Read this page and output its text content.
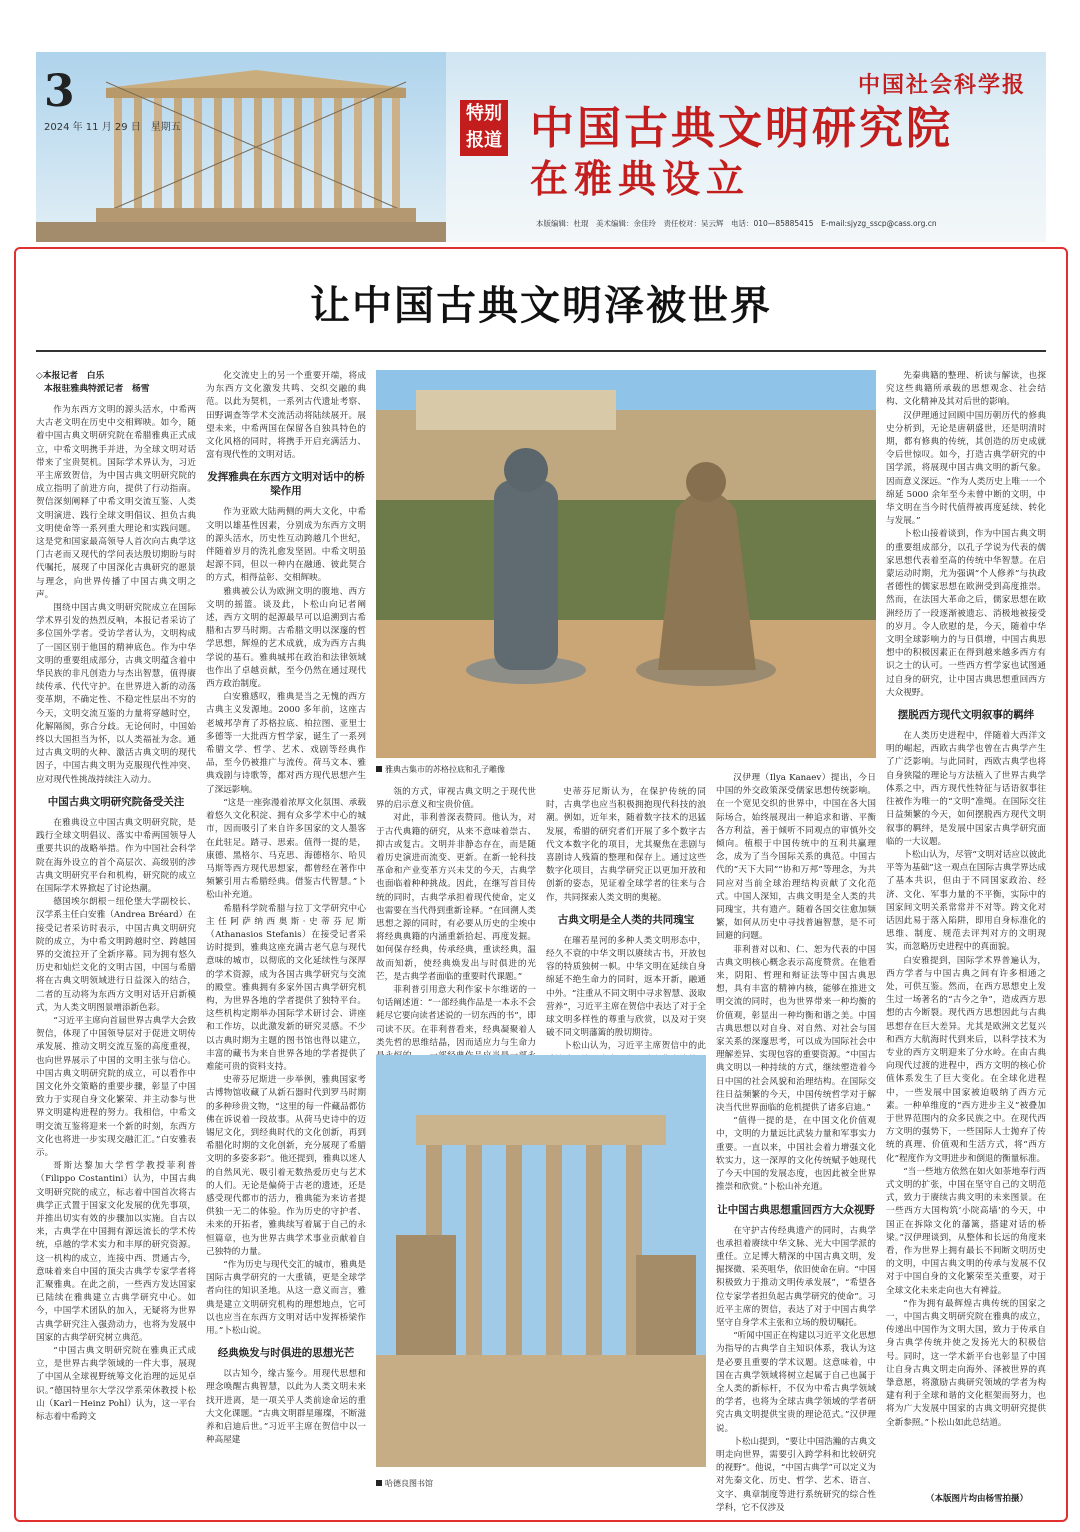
3
2024 年 11 月 29 日　星期五
中国社会科学报
特别
报道 中国古典文明研究院
在雅典设立
本版编辑：杜琨　美术编辑：余佳玲　责任校对：吴云辉　电话：010—85885415　E-mail:sjyzg_sscp@cass.org.cn
让中国古典文明泽被世界
◇本报记者　白乐
本报驻雅典特派记者　杨雪

作为东西方文明的源头活水，中希两大古老文明在历史中交相辉映。如今，随着中国古典文明研究院在希腊雅典正式成立，中希文明携手并进，为全球文明对话带来了宝贵契机。国际学术界认为，习近平主席致贺信，为中国古典文明研究院的成立指明了前进方向，提供了行动指南。贺信深刻阐释了中希文明交流互鉴、人类文明演进、践行全球文明倡议、担负古典文明使命等一系列重大理论和实践问题。这是党和国家最高领导人首次向古典学这门古老而又现代的学问表达殷切期盼与时代嘱托，展现了中国深化古典研究的愿景与理念，向世界传播了中国古典文明之声。

围绕中国古典文明研究院成立在国际学术界引发的热烈反响，本报记者采访了多位国外学者。受访学者认为，文明构成了一国区别于他国的精神底色。作为中华文明的重要组成部分，古典文明蕴含着中华民族的非凡创造力与杰出智慧，值得赓续传承、代代守护。在世界进入新的动荡变革期，不确定性、不稳定性层出不穷的今天，文明交流互鉴的力量将穿越时空，化解隔阂，弥合分歧。无论何时，中国始终以大国担当为怀，以人类福祉为念。通过古典文明的火种、激活古典文明的现代因子，中国古典文明为克服现代性冲突、应对现代性挑战持续注入动力。

中国古典文明研究院备受关注

在雅典设立中国古典文明研究院，是践行全球文明倡议、落实中希两国领导人重要共识的战略举措。作为中国社会科学院在海外设立的首个高层次、高级别的涉古典文明研究平台和机构，研究院的成立在国际学术界掀起了讨论热潮。

德国埃尔朗根－纽伦堡大学副校长、汉学系主任白安雅（Andrea Bréard）在接受记者采访时表示，中国古典文明研究院的成立，为中希文明跨越时空、跨越国界的交流拉开了全新序幕。同为拥有悠久历史和灿烂文化的文明古国，中国与希腊将在古典文明领域进行日益深入的结合，二者的互动将为东西方文明对话开启新模式，为人类文明图景增添新色彩。

“习近平主席向首届世界古典学大会致贺信，体现了中国领导层对于促进文明传承发展、推动文明交流互鉴的高度重视，也向世界展示了中国的文明主张与信心。中国古典文明研究院的成立，可以看作中国文化外交策略的重要步骤，彰显了中国致力于实现自身文化繁荣、并主动参与世界文明建构进程的努力。我相信，中希文明交流互鉴将迎来一个新的时刻，东西方文化也将进一步实现交融汇汇。”白安雅表示。

哥斯达黎加大学哲学教授菲利普（Filippo Costantini）认为，中国古典文明研究院的成立，标志着中国首次将古典学正式置于国家文化发展的优先事项，并推出切实有效的步骤加以实施。自古以来，古典学在中国拥有源远流长的学术传统，卓越的学术实力和丰厚的研究资源。这一机构的成立，连接中西、贯通古今，意味着来自中国的顶尖古典学专家学者将汇聚雅典。在此之前，一些西方发达国家已陆续在雅典建立古典学研究中心。如今，中国学术团队的加入，无疑将为世界古典学研究注入强劲动力，也将为发展中国家的古典学研究树立典范。

“中国古典文明研究院在雅典正式成立，是世界古典学领域的一件大事，展现了中国从全球视野统筹文化治理的远见卓识。”德国特里尔大学汉学系荣休教授卜松山（Karl－Heinz Pohl）认为，这一平台标志着中希跨文

化交流史上的另一个重要开端，将成为东西方文化激发共鸣、交织交融的典范。以此为契机，一系列古代遗址考察、田野调查等学术交流活动将陆续展开。展望未来，中希两国在保留各自独具特色的文化风格的同时，将携手开启充满活力、富有现代性的文明对话。

发挥雅典在东西方文明对话中的桥梁作用

作为亚欧大陆两侧的两大文化，中希文明以雄基性因素，分别成为东西方文明的源头活水，历史性互动跨越几个世纪，伴随着岁月的洗礼愈发坚固。中希文明虽起源不同，但以一种内在融通、彼此契合的方式，相得益彰、交相辉映。

雅典被公认为欧洲文明的腹地、西方文明的摇篮。谈及此，卜松山向记者阐述，西方文明的起源最早可以追溯到古希腊和古罗马时期。古希腊文明以深邃的哲学思想，辉煌的艺术成就，成为西方古典学说的基石。雅典城邦在政治和法律领域也作出了卓越贡献，至今仍然在通过现代西方政治制度。

白安雅感叹，雅典是当之无愧的西方古典主义发源地。2000 多年前，这座古老城邦孕育了苏格拉底、柏拉图、亚里士多德等一大批西方哲学家，诞生了一系列希腊文学、哲学、艺术、戏剧等经典作品，至今仍被推广与流传。荷马文本、雅典戏剧与诗歌等，都对西方现代思想产生了深远影响。

“这是一座弥漫着浓厚文化氛围、承载着悠久文化积淀、拥有众多学术中心的城市，因而吸引了来自许多国家的文人墨客在此驻足。踏寻、思索。值得一提的是，康德、黑格尔、马克思、海德格尔、哈贝马斯等西方现代思想家，都曾经在著作中频繁引用古希腊经典。借鉴古代智慧。”卜松山补充道。

希腊科学院希腊与拉丁文学研究中心主任阿萨纳西奥斯·史蒂芬尼斯（Athanasios Stefanis）在接受记者采访时提到，雅典这座充满古老气息与现代意味的城市，以彻底的文化延续性与深厚的学术资源，成为各国古典学研究与交流的殿堂。雅典拥有多家外国古典学研究机构，为世界各地的学者提供了独特平台。这些机构定期举办国际学术研讨会、讲座和工作坊，以此激发新的研究灵感。不少以古典时期为主题的图书馆也得以建立，丰富的藏书为来自世界各地的学者提供了难能可贵的资料支持。

史蒂芬尼斯进一步举例，雅典国家考古博物馆收藏了从新石器时代到罗马时期的多种珍贵文物，“这里的每一件藏品都仿佛在诉说着一段故事。从荷马史诗中的迈锡尼文化，到经典时代的文化创新，再到希腊化时期的文化创新，充分展现了希腊文明的多姿多彩”。他还提到，雅典以迷人的自然风光、吸引着无数热爱历史与艺术的人们。无论是偏倚于古老的遗迹，还是感受现代都市的活力，雅典能为来访者提供独一无二的体验。作为历史的守护者、未来的开拓者，雅典续写着属于自己的永恒篇章，也为世界古典学术事业贡献着自己独特的力量。

“作为历史与现代交汇的城市，雅典是国际古典学研究的一大重镇，更是全球学者向往的知识圣地。从这一意义而言，雅典是建立文明研究机构的理想地点，它可以也应当在东西方文明对话中发挥桥梁作用。”卜松山说。

经典焕发与时俱进的思想光芒

以古知今，缘古鉴今。用现代思想和理念唤醒古典智慧，以此为人类文明未来找开进离，是一项关乎人类前途命运的重大文化课题。“古典文明群星璀璨，不断滋养和启迪后世。”习近平主席在贺信中以一种高屋建

雅典古集市的苏格拉底和孔子雕像

瓴的方式，审视古典文明之于现代世界的启示意义和宝贵价值。

对此，菲利普深表赞同。他认为，对于古代典籍的研究，从来不意味着崇古、抑古或复古。文明并非静态存在，而是随着历史演进而流变、更新。在新一轮科技革命和产业变革方兴未艾的今天，古典学也面临着种种挑战。因此，在继写首目传统的同时，古典学承担着现代使命，定义也需要在当代得到重新诠释。“在回溯人类思想之源的同时，有必要从历史的尘埃中将经典典籍的内涵重新拾起、再度发掘。如何保存经典，传承经典，重读经典，温故而知新，使经典焕发出与时俱进的光芒，是古典学者面临的重要时代课题。”

菲利普引用意大利作家卡尔维诺的一句话阐述道：“一部经典作品是一本永不会耗尽它要向读者述说的一切东西的书”，即司读不厌。在菲利普看来，经典凝聚着人类先哲的思维结晶，因而适应力与生命力

史蒂芬尼斯认为，在保护传统的同时，古典学也应当积极拥抱现代科技的浪潮。例如，近年来，随着数字技术的迅猛发展，希腊的研究者们开展了多个数字古代文本数字化的项目，尤其聚焦在悲剧与喜剧诗人残篇的整理和保存上。通过这些数字化项目，古典学研究正以更加开放和创新的姿态，见证着全球学者的往来与合作，共同探索人类文明的奥秘。

古典文明是全人类的共同瑰宝

在璀若星河的多种人类文明形态中，经久不衰的中华文明以赓续古书，开放包容的特质独树一帜。中华文明在延续自身绵延不绝生命力的同时，返本开新，融通中外。“注重从不同文明中寻求智慧、汲取营养”，习近平主席在贺信中表达了对于全球文明多样性的尊重与欣赏，以及对于突破不同文明藩篱的殷切期待。

卜松山认为，习近平主席贺信中的此

哈德良图书馆

汉伊理（Ilya Kanaev）提出，今日中国的外交政策深受儒家思想传统影响。在一个宽见交织的世界中，中国在各大国际场合，始终展现出一种追求和谐、平衡各方利益，善于倾听不同观点的审慎外交倾向。植根于中国传统中的互利共赢理念，成为了当今国际关系的典范。中国古代的“天下大同”“协和万邦”等理念，为共同应对当前全球治理结构贡献了文化范式。中国人深知，古典文明是全人类的共同瑰宝，共有遗产。随着各国交往愈加频繁，如何从历史中寻找普遍智慧，是不可回避的问题。

菲利普对以和、仁、恕为代表的中国古典文明核心概念表示高度赞赏。在他看来，阴阳、哲理和辩证法等中国古典思想，具有丰富的精神内核，能够在推进文明交流的同时，也为世界带来一种均衡的价值观，彰显出一种均衡和谐之美。中国古典思想以对自身、对自然、对社会与国家关系的深邃思考，可以成为国际社会中理解差异、实现包容的重要资源。“中国古典文明以一种持续的方式，继续塑造着今日中国的社会风貌和治理结构。在国际交往日益频繁的今天，中国传统哲学对于解决当代世界面临的危机提供了诸多启迪。”

“值得一提的是，在中国文化价值观中，文明的力量远比武装力量和军事实力重要。一直以来，中国社会着力增强文化软实力，这一深厚的文化传统赋予她现代了今天中国的发展态度，也因此被全世界推崇和欣赏。”卜松山补充道。

让中国古典思想重回西方大众视野

在守护古传经典遗产的同时，古典学也承担着赓续中华文脉、光大中国学派的重任。立足博大精深的中国古典文明，发掘探微、采英咀华，依旧使命在肩。“中国积极致力于推动文明传承发展”，“希望各位专家学者担负起古典学研究的使命”。习近平主席的贺信，表达了对于中国古典学坚守自身学术主张和立场的殷切嘱托。

“听闻中国正在构建以习近平文化思想为指导的古典学自主知识体系，我认为这是必要且重要的学术议题。这意味着，中国在古典学领域将树立起属于自己也属于全人类的新标杆，不仅为中希古典学领域的学者，也将为全球古典学领域的学者研究古典文明提供宝贵的理论范式。”汉伊理说。

卜松山提到，“要让中国浩瀚的古典文明走向世界，需要引入跨学科和比较研究的视野”。他说，“中国古典学”可以定义为对先秦文化、历史、哲学、艺术、语言、文字、典章制度等进行系统研究的综合性学科，它不仅涉及

先秦典籍的整理、析读与解读，也探究这些典籍所承载的思想观念、社会结构、文化精神及其对后世的影响。

汉伊理通过回顾中国历朝历代的修典史分析到，无论是唐朝盛世，还是明清时期，都有修典的传统，其创造的历史成就令后世惊叹。如今，打造古典学研究的中国学派，将展现中国古典文明的新气象。因而意义深远。“作为人类历史上唯一一个绵延 5000 余年至今未曾中断的文明，中华文明在当今时代值得被再度延续、转化与发展。”

卜松山接着谈到，作为中国古典文明的重要组成部分，以孔子学说为代表的儒家思想代表着至高的传统中华智慧。在启蒙运动时期，尤为强调“个人修养”与执政者德性的儒家思想在欧洲受到高度推崇。然而，在法国大革命之后，儒家思想在欧洲经历了一段逐渐被遗忘、消极地被接受的岁月。令人欣慰的是，今天，随着中华文明全球影响力的与日俱增，中国古典思想中的积极因素正在得到越来越多西方有识之士的认可。一些西方哲学家也试图通过自身的研究，让中国古典思想重回西方大众视野。

摆脱西方现代文明叙事的羁绊

在人类历史进程中，伴随着大西洋文明的崛起，西欧古典学也曾在古典学产生了广泛影响。与此同时，西欧古典学也将自身狭隘的理论与方法植入了世界古典学体系之中，西方现代性特征与话语叙事往往被作为唯一的“文明”准绳。在国际交往日益频繁的今天，如何摆脱西方现代文明叙事的羁绊，是发展中国家古典学研究面临的一大议题。

卜松山认为，尽管“文明对话应以彼此平等为基础”这一观点在国际古典学界达成了基本共识，但由于不同国家政治、经济、文化、军事力量的不平衡，实际中的国家间文明关系常常并不对等。跨文化对话因此易于落入陷阱，即用自身标准化的思维、制度、规范去评判对方的文明现实，而忽略历史进程中的真面貌。

白安雅提到，国际学术界普遍认为，西方学者与中国古典之间有许多相通之处，可供互鉴。然而，在西方思想史上发生过一场著名的“古今之争”，造成西方思想的古今断裂。现代西方思想因此与古典思想存在巨大差异。尤其是欧洲文艺复兴和西方大航海时代到来后，以科学技术为专业的西方文明迎来了分水岭。在由古典向现代过渡的进程中，西方文明的核心价值体系发生了巨大变化。在全球化进程中，一些发展中国家被迫吸纳了西方元素。一种单维度的“西方进步主义”被叠加于世界范围内的众多民族之中。在现代西方文明的强势下，一些国际人士抛弃了传统的真理、价值观和生活方式，将“西方化”程度作为文明进步和倒退的衡量标准。

“当一些地方依然在如火如荼地奉行西式文明的扩张，中国在坚守自己的文明范式，致力于赓续古典文明的未来图景。在一些西方大国构筑‘小院高墙’的今天，中国正在拆除文化的藩篱，搭建对话的桥梁。”汉伊理谈到，从整体和长远的角度来看，作为世界上拥有最长不间断文明历史的文明，中国古典文明的传承与发展不仅对于中国自身的文化繁荣至关重要，对于全球文化未来走向也大有裨益。

“作为拥有最辉煌古典传统的国家之一，中国古典文明研究院在雅典的成立，传递出中国作为文明大国，致力于传承自身古典学传统并使之发扬光大的积极信号。同时，这一学术新平台也彰显了中国让自身古典文明走向海外、泽被世界的真挚意愿，将激励古典研究领域的学者为构建有利于全球和谐的文化框架而努力，也将为广大发展中国家的古典文明研究提供全新参照。”卜松山如此总结道。

（本版图片均由杨雪拍摄）
